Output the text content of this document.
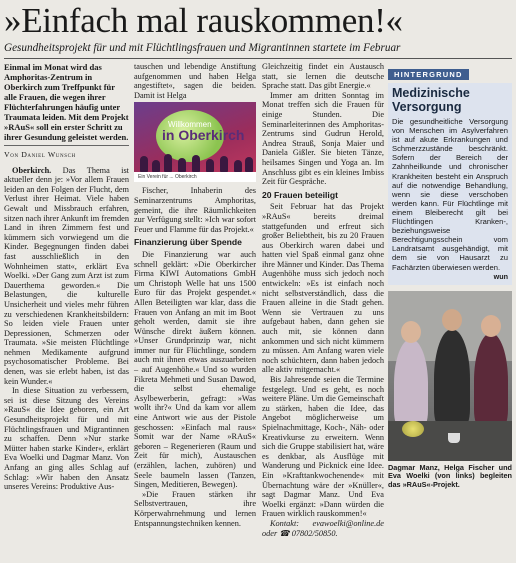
»Einfach mal rauskommen!«
Gesundheitsprojekt für und mit Flüchtlingsfrauen und Migrantinnen startete im Februar

Einmal im Monat wird das Amphoritas-Zentrum in Oberkirch zum Treffpunkt für alle Frauen, die wegen ihrer Flüchterfahrungen häufig unter Traumata leiden. Mit dem Projekt »RAuS« soll ein erster Schritt zu ihrer Gesundung geleistet werden.

Von Daniel Wunsch

Oberkirch. Das Thema ist aktueller denn je: »Vor allem Frauen leiden an den Folgen der Flucht, dem Verlust ihrer Heimat. Viele haben Gewalt und Missbrauch erfahren, sitzen nach ihrer Ankunft im fremden Land in ihren Zimmern fest und kümmern sich vorwiegend um die Kinder. Begegnungen finden dabei fast ausschließlich in den Wohnheimen statt«, erklärt Eva Woelki. »Der Gang zum Arzt ist zum Dauerthema geworden.« Die Belastungen, die kulturelle Unsicherheit und vieles mehr führen zu verschiedenen Krankheitsbildern: So leiden viele Frauen unter Depressionen, Schmerzen oder Traumata. »Sie meisten Flüchtlinge nehmen Medikamente aufgrund psychosomatischer Probleme. Bei denen, was sie erlebt haben, ist das kein Wunder.«

In diese Situation zu verbessern, sei ist diese Sitzung des Vereins »RauS« die Idee geboren, ein Art Gesundheitsprojekt für und mit Flüchtlingsfrauen und Migrantinnen zu schaffen. Denn »Nur starke Mütter haben starke Kinder«, erklärt Eva Woelki und Dagmar Manz. Von Anfang an ging alles Schlag auf Schlag: »Wir haben den Ansatz unseres Vereins: Produktive Aus-

tauschen und lebendige Anstiftung aufgenommen und haben Helga angestiftet«, sagen die beiden. Damit ist Helga

Willkommen
in Oberkirch
Ein Verein für ... Oberkirch

Fischer, Inhaberin des Seminarzentrums Amphoritas, gemeint, die ihre Räumlichkeiten zur Verfügung stellt: »Ich war sofort Feuer und Flamme für das Projekt.«

Finanzierung über Spende

Die Finanzierung war auch schnell geklärt: »Die Oberkircher Firma KIWI Automations GmbH um Christoph Welle hat uns 1500 Euro für das Projekt gespendet.« Allen Beteiligten war klar, dass die Frauen von Anfang an mit im Boot geholt werden, damit sie ihre Wünsche direkt äußern können. »Unser Grundprinzip war, nicht immer nur für Flüchtlinge, sondern auch mit ihnen etwas auszuarbeiten – auf Augenhöhe.« Und so wurden Fikreta Mehmeti und Susan Dawod, die selbst ehemalige Asylbewerberin, gefragt: »Was wollt ihr?« Und da kam vor allem eine Antwort wie aus der Pistole geschossen: »Einfach mal raus« Somit war der Name »RAuS« geboren – Regenerieren (Raum und Zeit für mich), Austauschen (erzählen, lachen, zuhören) und Seele baumeln lassen (Tanzen, Singen, Meditieren, Bewegen).

»Die Frauen stärken ihr Selbstvertrauen, ihre Körperwahrnehmung und lernen Entspannungstechniken kennen.

Gleichzeitig findet ein Austausch statt, sie lernen die deutsche Sprache statt. Das gibt Energie.«

Immer am dritten Sonntag im Monat treffen sich die Frauen für einige Stunden. Die Seminarleiterinnen des Amphoritas-Zentrums sind Gudrun Herold, Andrea Strauß, Sonja Maier und Daniela Gißler. Sie bieten Tänze, heilsames Singen und Yoga an. Im Anschluss gibt es ein kleines Imbiss Zeit für Gespräche.

20 Frauen beteiligt

Seit Februar hat das Projekt »RAuS« bereits dreimal stattgefunden und erfreut sich großer Beliebtheit, bis zu 20 Frauen aus Oberkirch waren dabei und hatten viel Spaß einmal ganz ohne ihre Männer und Kinder. Das Thema Augenhöhe muss sich jedoch noch entwickeln: »Es ist einfach noch nicht selbstverständlich, dass die Frauen alleine in die Stadt gehen. Wenn sie Vertrauen zu uns aufgebaut haben, dann gehen sie auch mit, sie können dann ankommen und sich nicht kümmern zu müssen. Am Anfang waren viele noch schüchtern, dann haben jedoch alle aktiv mitgemacht.«

Bis Jahresende seien die Termine festgelegt. Und es geht, es noch weitere Pläne. Um die Gemeinschaft zu stärken, haben die Idee, das Angebot möglicherweise um Spielnachmittage, Koch-, Näh- oder Kreativkurse zu erweitern. Wenn sich die Gruppe stabilisiert hat, wäre es denkbar, als Ausflüge mit Wanderung und Picknick eine Idee. Ein »Krafttankwochenende« mit Übernachtung wäre der »Knüller«, sagt Dagmar Manz. Und Eva Woelki ergänzt: »Dann würden die Frauen wirklich rauskommen!«

Kontakt: evawoelki@online.de oder ☎ 07802/50850.

HINTERGRUND
Medizinische Versorgung
Die gesundheitliche Versorgung von Menschen im Asylverfahren ist auf akute Erkrankungen und Schmerzzustände beschränkt. Sofern der Bereich der Zahnheilkunde und chronischer Krankheiten besteht ein Anspruch auf die notwendige Behandlung, wenn sie diese verschoben werden kann. Für Flüchtlinge mit einem Bleiberecht gilt bei Flüchtlingen Kranken-, beziehungsweise Berechtigungsschein vom Landratsamt ausgehändigt, mit dem sie von Hausarzt zu Fachärzten überwiesen werden.
wun
Dagmar Manz, Helga Fischer und Eva Woelki (von links) begleiten das »RAuS«-Projekt.
